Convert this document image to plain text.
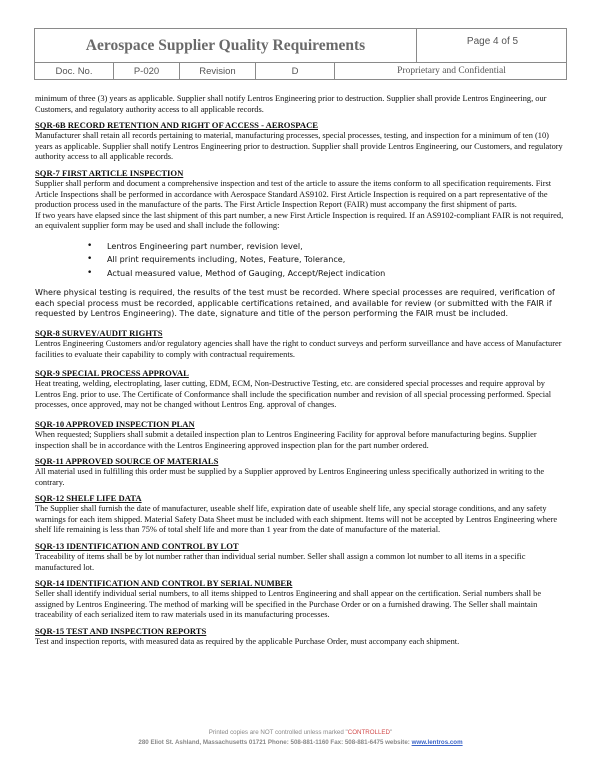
Aerospace Supplier Quality Requirements	Page 4 of 5
Doc. No.	P-020	Revision	D	Proprietary and Confidential

minimum of three (3) years as applicable. Supplier shall notify Lentros Engineering prior to destruction. Supplier shall provide Lentros Engineering, our Customers, and regulatory authority access to all applicable records.

SQR-6B RECORD RETENTION AND RIGHT OF ACCESS - AEROSPACE

Manufacturer shall retain all records pertaining to material, manufacturing processes, special processes, testing, and inspection for a minimum of ten (10) years as applicable. Supplier shall notify Lentros Engineering prior to destruction. Supplier shall provide Lentros Engineering, our Customers, and regulatory authority access to all applicable records.

SQR-7 FIRST ARTICLE INSPECTION

Supplier shall perform and document a comprehensive inspection and test of the article to assure the items conform to all specification requirements. First Article Inspections shall be performed in accordance with Aerospace Standard AS9102. First Article Inspection is required on a part representative of the production process used in the manufacture of the parts. The First Article Inspection Report (FAIR) must accompany the first shipment of parts.

If two years have elapsed since the last shipment of this part number, a new First Article Inspection is required. If an AS9102-compliant FAIR is not required, an equivalent supplier form may be used and shall include the following:

• Lentros Engineering part number, revision level,
• All print requirements including, Notes, Feature, Tolerance,
• Actual measured value, Method of Gauging, Accept/Reject indication

Where physical testing is required, the results of the test must be recorded. Where special processes are required, verification of each special process must be recorded, applicable certifications retained, and available for review (or submitted with the FAIR if requested by Lentros Engineering). The date, signature and title of the person performing the FAIR must be included.

SQR-8 SURVEY/AUDIT RIGHTS

Lentros Engineering Customers and/or regulatory agencies shall have the right to conduct surveys and perform surveillance and have access of Manufacturer facilities to evaluate their capability to comply with contractual requirements.

SQR-9 SPECIAL PROCESS APPROVAL

Heat treating, welding, electroplating, laser cutting, EDM, ECM, Non-Destructive Testing, etc. are considered special processes and require approval by Lentros Eng. prior to use. The Certificate of Conformance shall include the specification number and revision of all special processing performed. Special processes, once approved, may not be changed without Lentros Eng. approval of changes.

SQR-10 APPROVED INSPECTION PLAN

When requested; Suppliers shall submit a detailed inspection plan to Lentros Engineering Facility for approval before manufacturing begins. Supplier inspection shall be in accordance with the Lentros Engineering approved inspection plan for the part number ordered.

SQR-11 APPROVED SOURCE OF MATERIALS

All material used in fulfilling this order must be supplied by a Supplier approved by Lentros Engineering unless specifically authorized in writing to the contrary.

SQR-12 SHELF LIFE DATA

The Supplier shall furnish the date of manufacturer, useable shelf life, expiration date of useable shelf life, any special storage conditions, and any safety warnings for each item shipped. Material Safety Data Sheet must be included with each shipment. Items will not be accepted by Lentros Engineering where shelf life remaining is less than 75% of total shelf life and more than 1 year from the date of manufacture of the material.

SQR-13 IDENTIFICATION AND CONTROL BY LOT

Traceability of items shall be by lot number rather than individual serial number. Seller shall assign a common lot number to all items in a specific manufactured lot.

SQR-14 IDENTIFICATION AND CONTROL BY SERIAL NUMBER

Seller shall identify individual serial numbers, to all items shipped to Lentros Engineering and shall appear on the certification. Serial numbers shall be assigned by Lentros Engineering. The method of marking will be specified in the Purchase Order or on a furnished drawing. The Seller shall maintain traceability of each serialized item to raw materials used in its manufacturing processes.

SQR-15 TEST AND INSPECTION REPORTS

Test and inspection reports, with measured data as required by the applicable Purchase Order, must accompany each shipment.

Printed copies are NOT controlled unless marked "CONTROLLED"
280 Eliot St. Ashland, Massachusetts 01721 Phone: 508-881-1160 Fax: 508-881-6475 website: www.lentros.com
